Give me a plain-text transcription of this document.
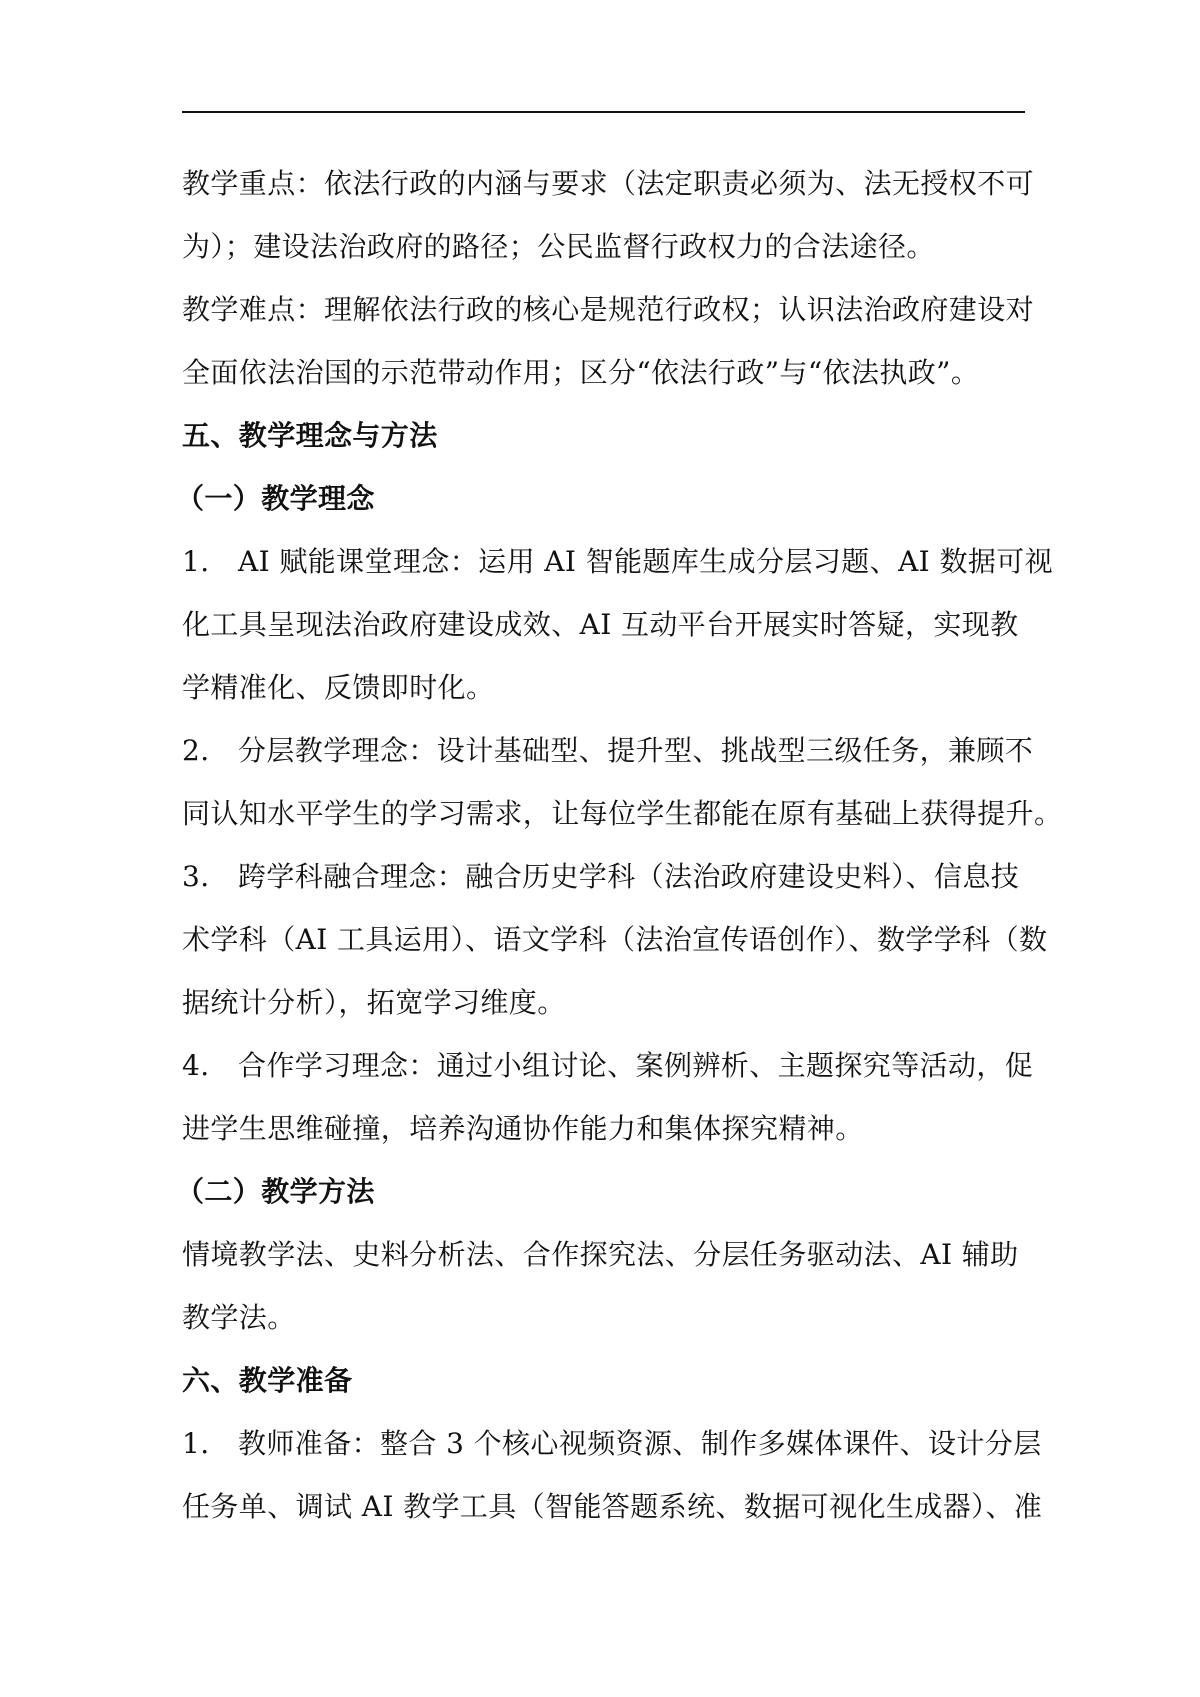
教学重点：依法行政的内涵与要求（法定职责必须为、法无授权不可
为）；建设法治政府的路径；公民监督行政权力的合法途径。
教学难点：理解依法行政的核心是规范行政权；认识法治政府建设对
全面依法治国的示范带动作用；区分“依法行政”与“依法执政”。
五、教学理念与方法
（一）教学理念
1. AI 赋能课堂理念：运用 AI 智能题库生成分层习题、AI 数据可视
化工具呈现法治政府建设成效、AI 互动平台开展实时答疑，实现教
学精准化、反馈即时化。
2. 分层教学理念：设计基础型、提升型、挑战型三级任务，兼顾不
同认知水平学生的学习需求，让每位学生都能在原有基础上获得提升。
3. 跨学科融合理念：融合历史学科（法治政府建设史料）、信息技
术学科（AI 工具运用）、语文学科（法治宣传语创作）、数学学科（数
据统计分析），拓宽学习维度。
4. 合作学习理念：通过小组讨论、案例辨析、主题探究等活动，促
进学生思维碰撞，培养沟通协作能力和集体探究精神。
（二）教学方法
情境教学法、史料分析法、合作探究法、分层任务驱动法、AI 辅助
教学法。
六、教学准备
1. 教师准备：整合 3 个核心视频资源、制作多媒体课件、设计分层
任务单、调试 AI 教学工具（智能答题系统、数据可视化生成器）、准
